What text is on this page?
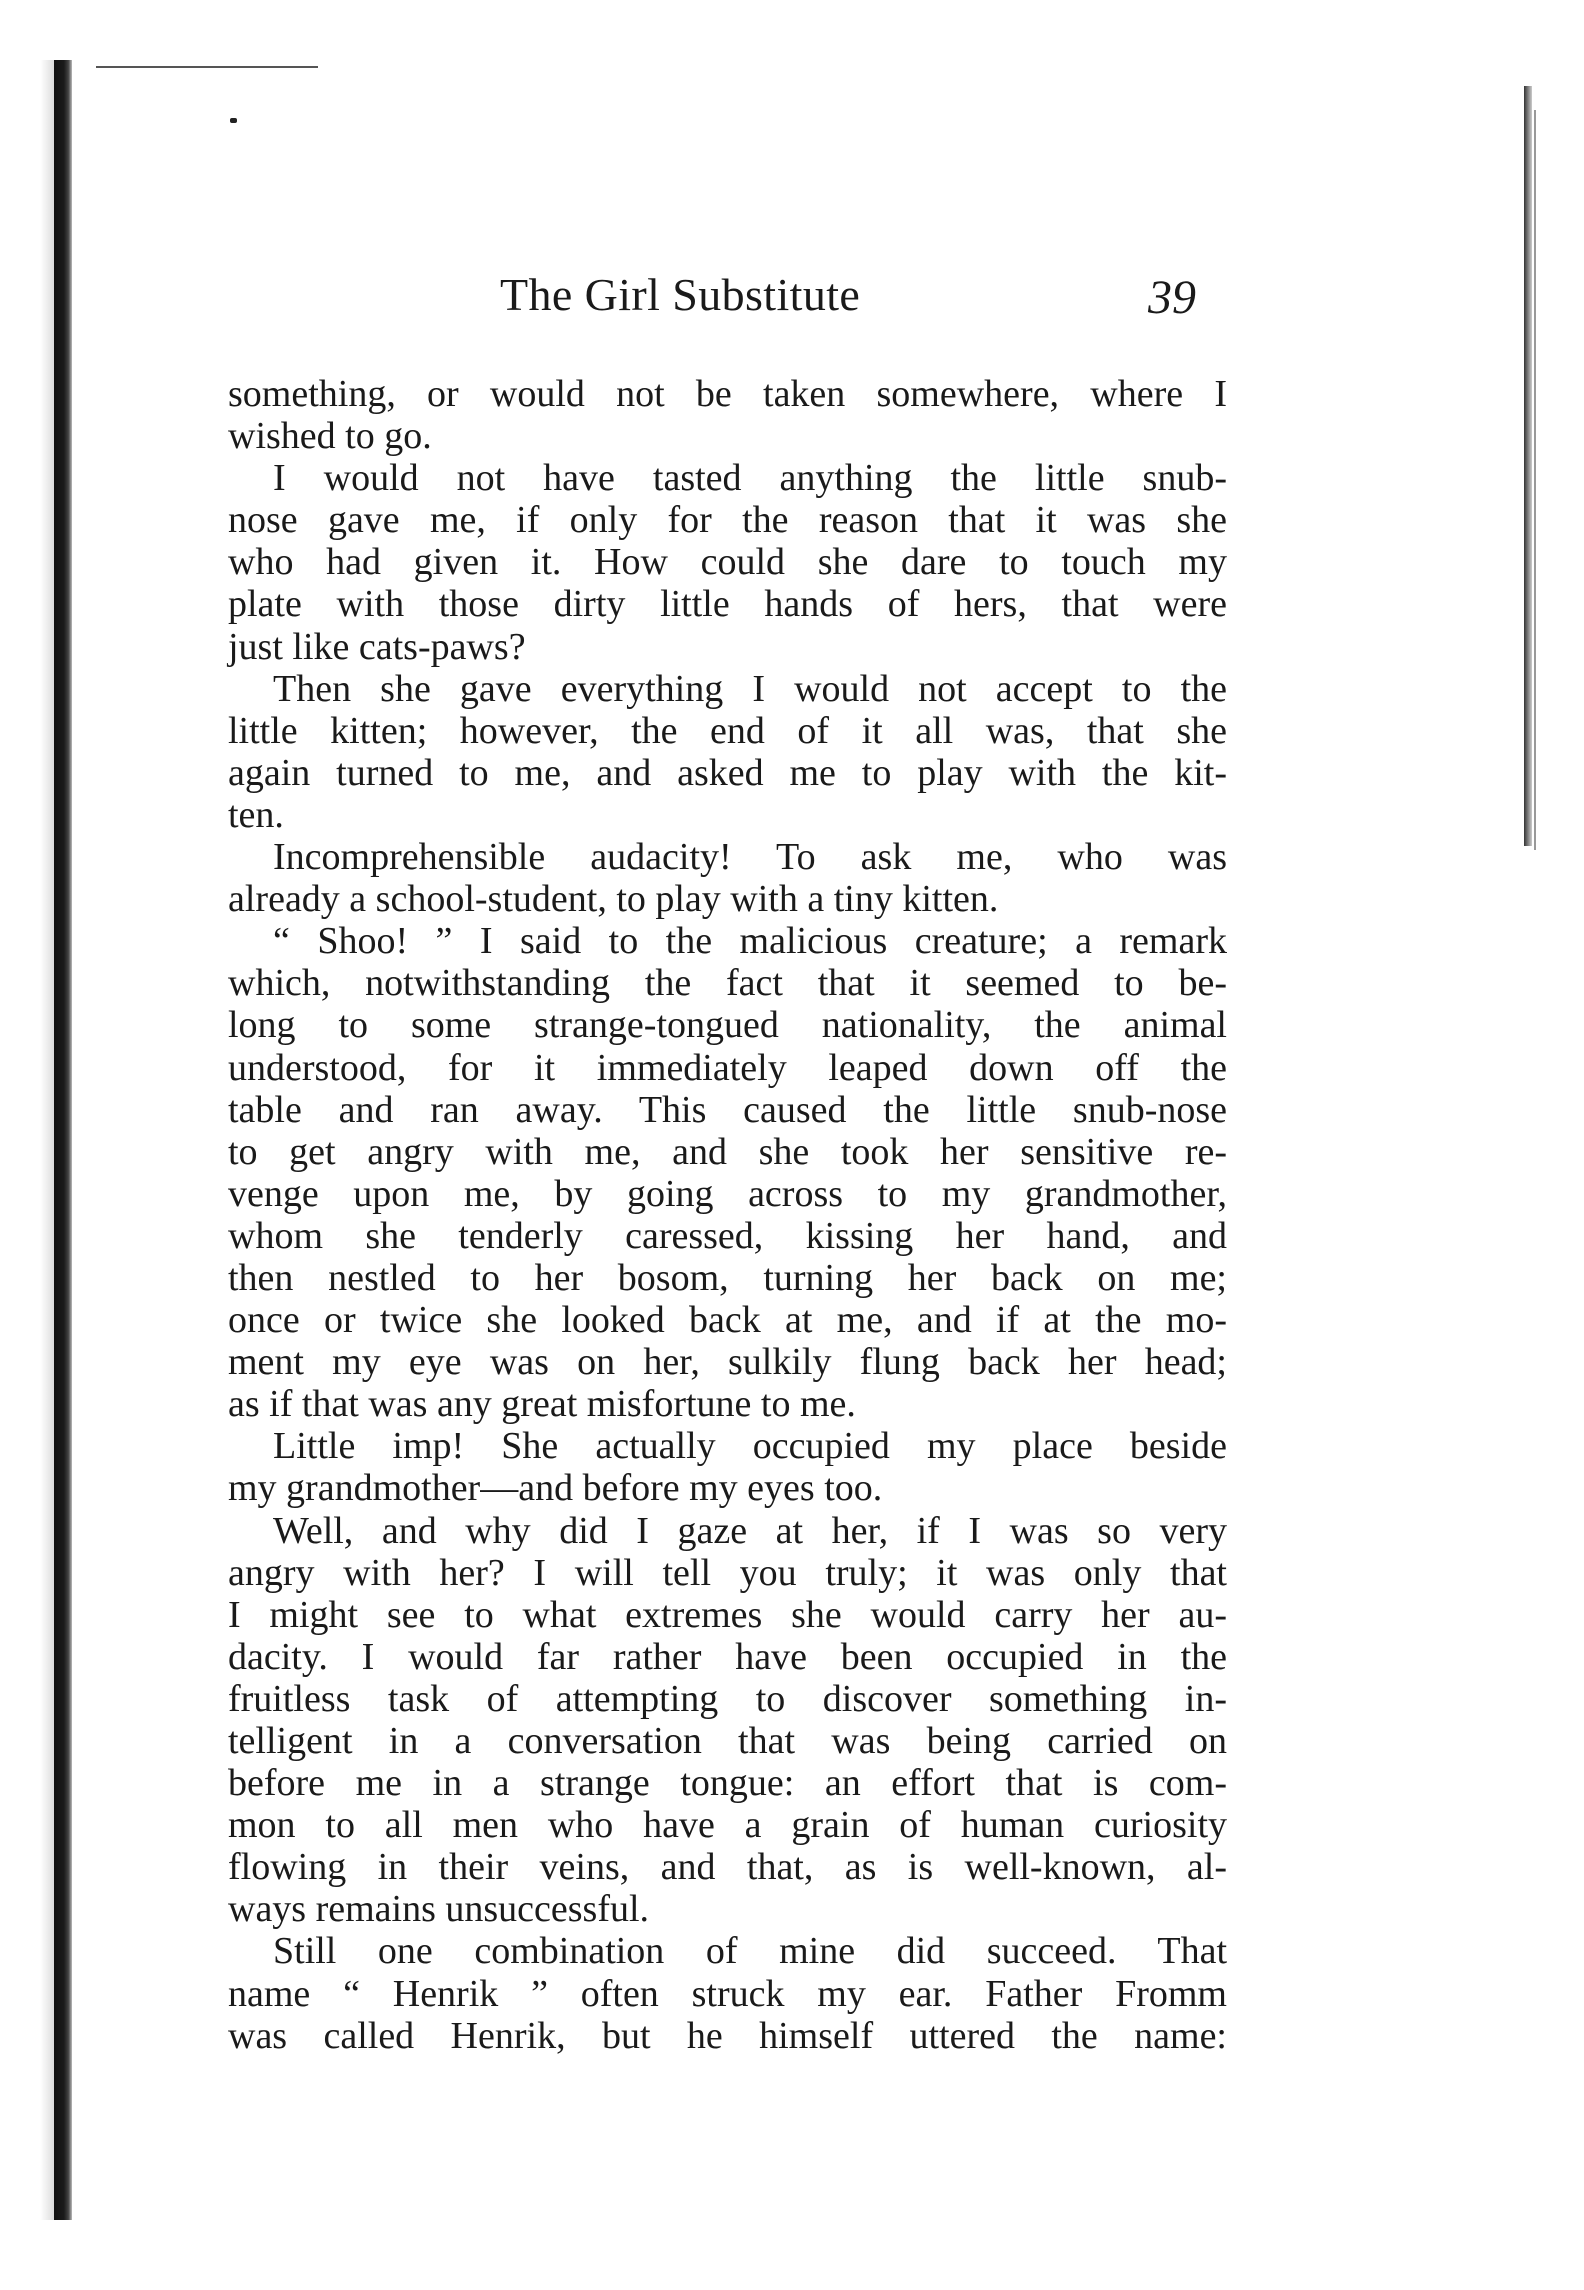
The Girl Substitute	39
something, or would not be taken somewhere, where I
wished to go.
I would not have tasted anything the little snub-
nose gave me, if only for the reason that it was she
who had given it. How could she dare to touch my
plate with those dirty little hands of hers, that were
just like cats-paws?
Then she gave everything I would not accept to the
little kitten; however, the end of it all was, that she
again turned to me, and asked me to play with the kit-
ten.
Incomprehensible audacity! To ask me, who was
already a school-student, to play with a tiny kitten.
“ Shoo! ” I said to the malicious creature; a remark
which, notwithstanding the fact that it seemed to be-
long to some strange-tongued nationality, the animal
understood, for it immediately leaped down off the
table and ran away. This caused the little snub-nose
to get angry with me, and she took her sensitive re-
venge upon me, by going across to my grandmother,
whom she tenderly caressed, kissing her hand, and
then nestled to her bosom, turning her back on me;
once or twice she looked back at me, and if at the mo-
ment my eye was on her, sulkily flung back her head;
as if that was any great misfortune to me.
Little imp! She actually occupied my place beside
my grandmother—and before my eyes too.
Well, and why did I gaze at her, if I was so very
angry with her? I will tell you truly; it was only that
I might see to what extremes she would carry her au-
dacity. I would far rather have been occupied in the
fruitless task of attempting to discover something in-
telligent in a conversation that was being carried on
before me in a strange tongue: an effort that is com-
mon to all men who have a grain of human curiosity
flowing in their veins, and that, as is well-known, al-
ways remains unsuccessful.
Still one combination of mine did succeed. That
name “ Henrik ” often struck my ear. Father Fromm
was called Henrik, but he himself uttered the name:
